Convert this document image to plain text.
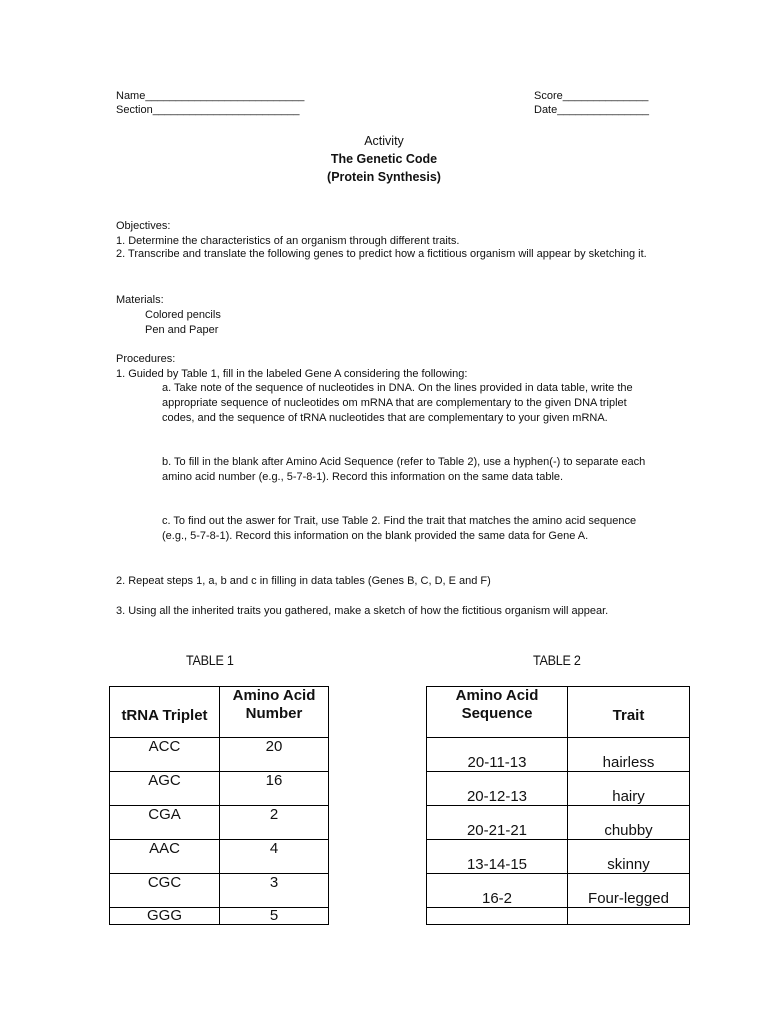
Name__________________________
Section________________________
Score______________
Date_______________
Activity
The Genetic Code
(Protein Synthesis)
Objectives:
1. Determine the characteristics of an organism through different traits.
2. Transcribe and translate the following genes to predict how a fictitious organism will appear by sketching it.
Materials:
Colored pencils
Pen and Paper
Procedures:
1. Guided by Table 1, fill in the labeled Gene A considering the following:
a. Take note of the sequence of nucleotides in DNA. On the lines provided in data table, write the appropriate sequence of nucleotides om mRNA that are complementary to the given DNA triplet codes, and the sequence of tRNA nucleotides that are complementary to your given mRNA.
b. To fill in the blank after Amino Acid Sequence (refer to Table 2), use a hyphen(-) to separate each amino acid number (e.g., 5-7-8-1). Record this information on the same data table.
c. To find out the aswer for Trait, use Table 2. Find the trait that matches the amino acid sequence (e.g., 5-7-8-1). Record this information on the blank provided the same data for Gene A.
2. Repeat steps 1, a, b and c in filling in data tables (Genes B, C, D, E and F)
3. Using all the inherited traits you gathered, make a sketch of how the fictitious organism will appear.
TABLE 1	TABLE 2
tRNA Triplet	Amino Acid
Number

ACC	20
AGC	16
CGA	2
AAC	4
CGC	3
GGG	5
Amino Acid
Sequence	Trait
20-11-13	hairless
20-12-13	hairy
20-21-21	chubby
13-14-15	skinny
16-2	Four-legged
